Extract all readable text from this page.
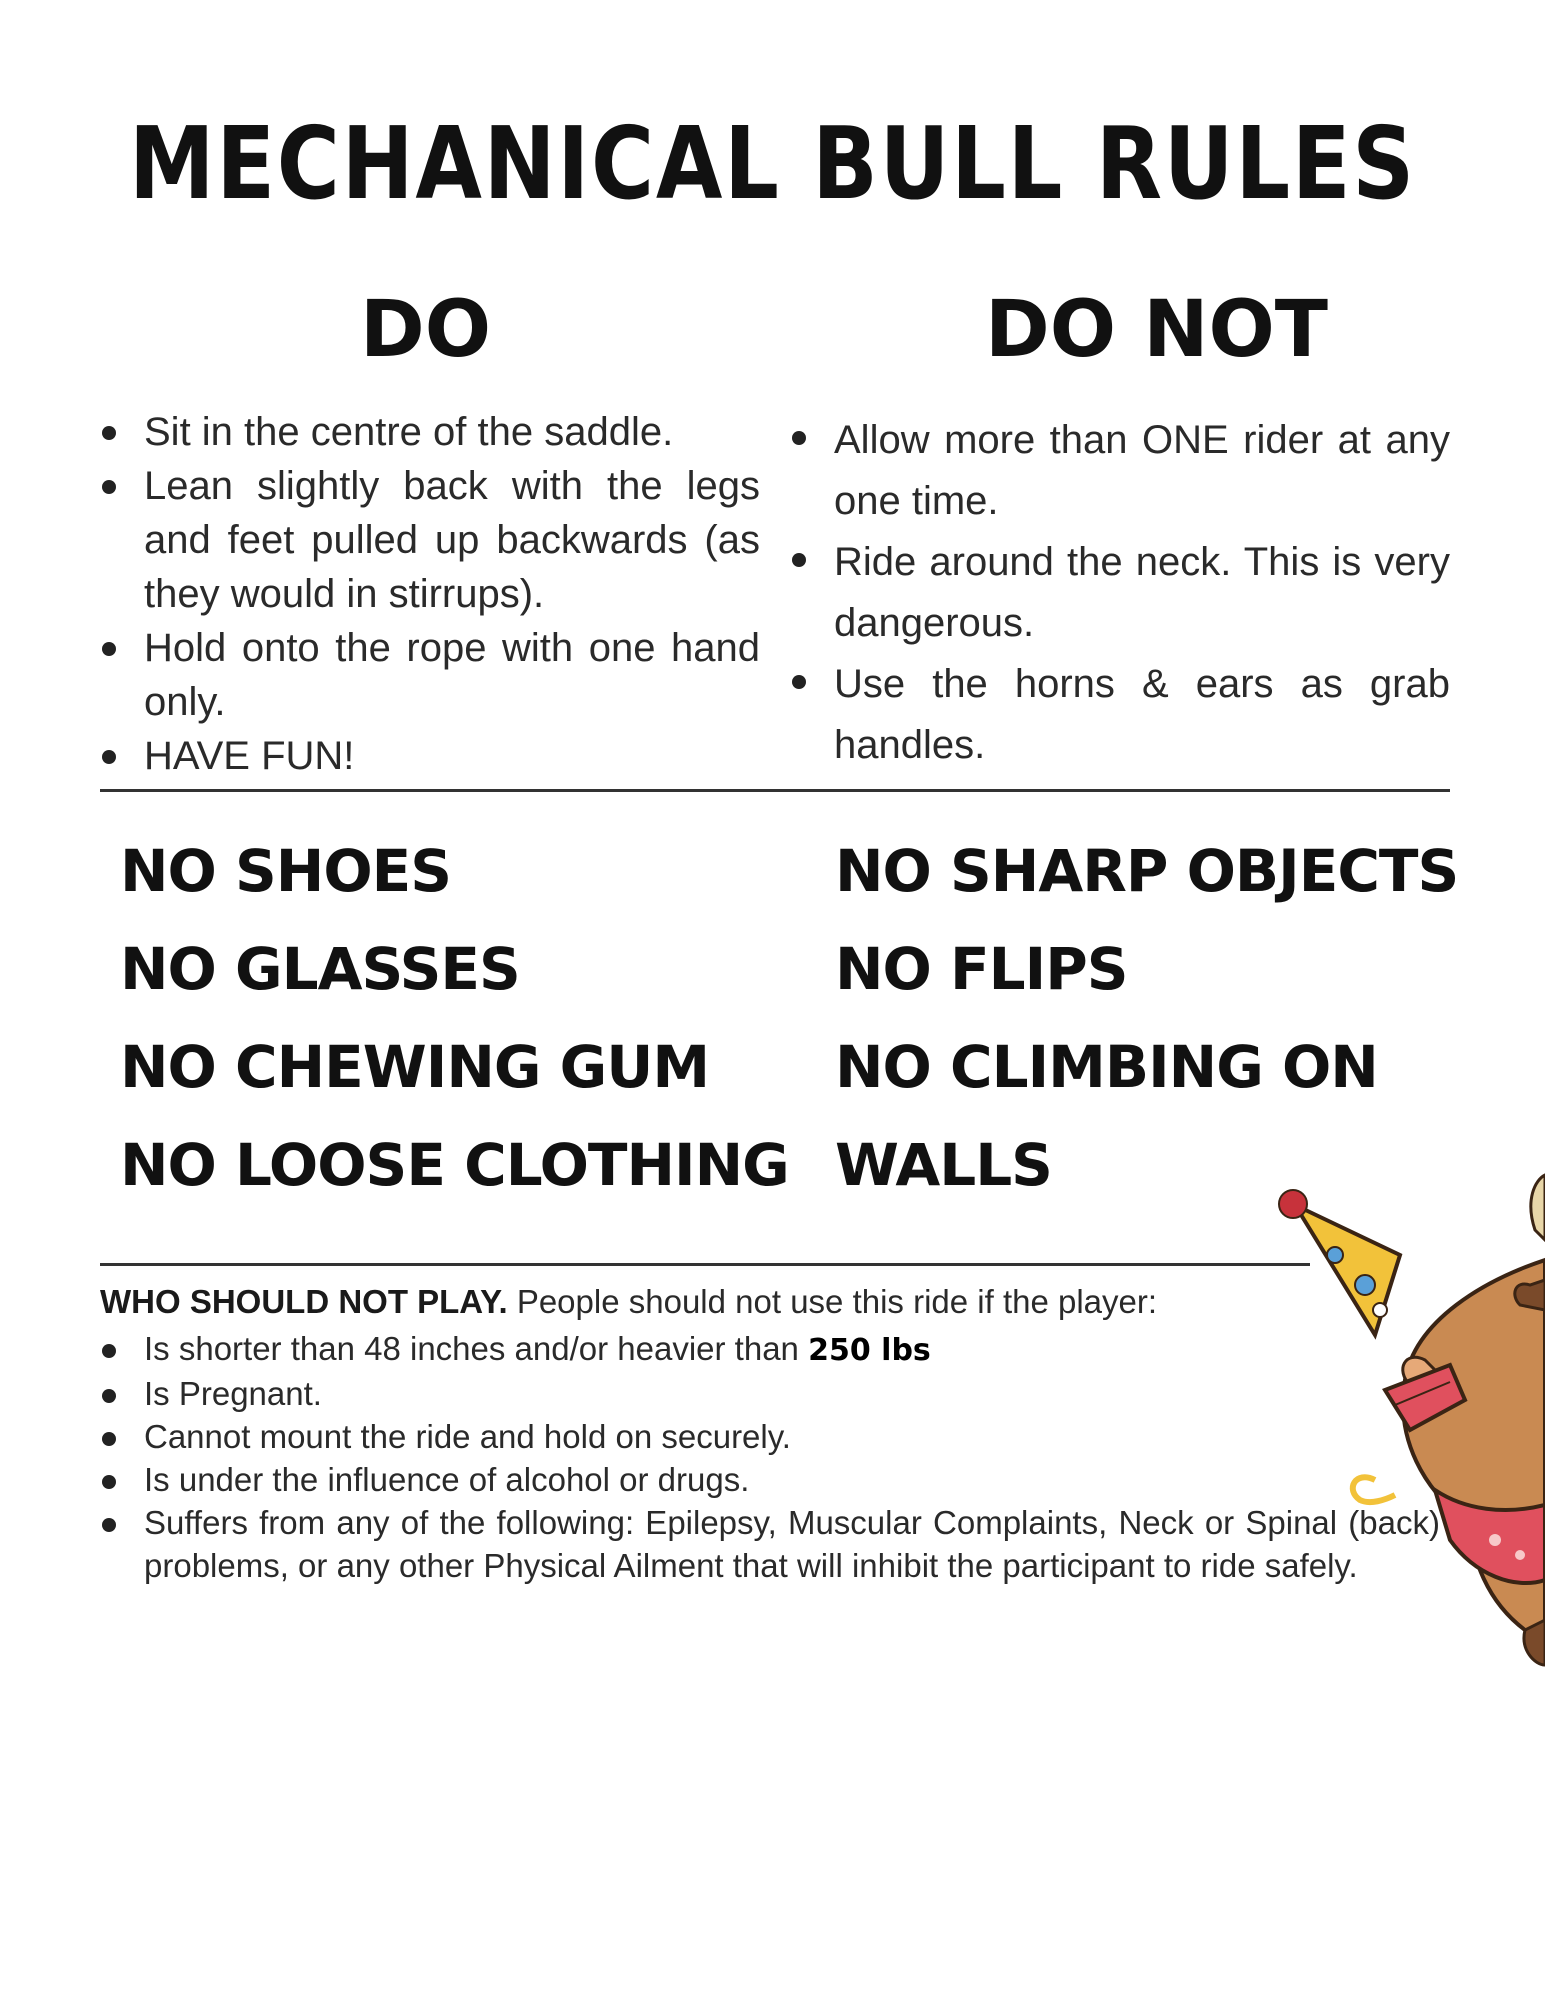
MECHANICAL BULL RULES
DO	DO NOT
Sit in the centre of the saddle.
Lean slightly back with the legs and feet pulled up backwards (as they would in stirrups).
Hold onto the rope with one hand only.
HAVE FUN!
Allow more than ONE rider at any one time.
Ride around the neck. This is very dangerous.
Use the horns & ears as grab handles.
NO SHOES
NO GLASSES
NO CHEWING GUM
NO LOOSE CLOTHING
NO SHARP OBJECTS
NO FLIPS
NO CLIMBING ON
WALLS

WHO SHOULD NOT PLAY. People should not use this ride if the player:

Is shorter than 48 inches and/or heavier than 250 lbs
Is Pregnant.
Cannot mount the ride and hold on securely.
Is under the influence of alcohol or drugs.
Suffers from any of the following: Epilepsy, Muscular Complaints, Neck or Spinal (back) problems, or any other Physical Ailment that will inhibit the participant to ride safely.
